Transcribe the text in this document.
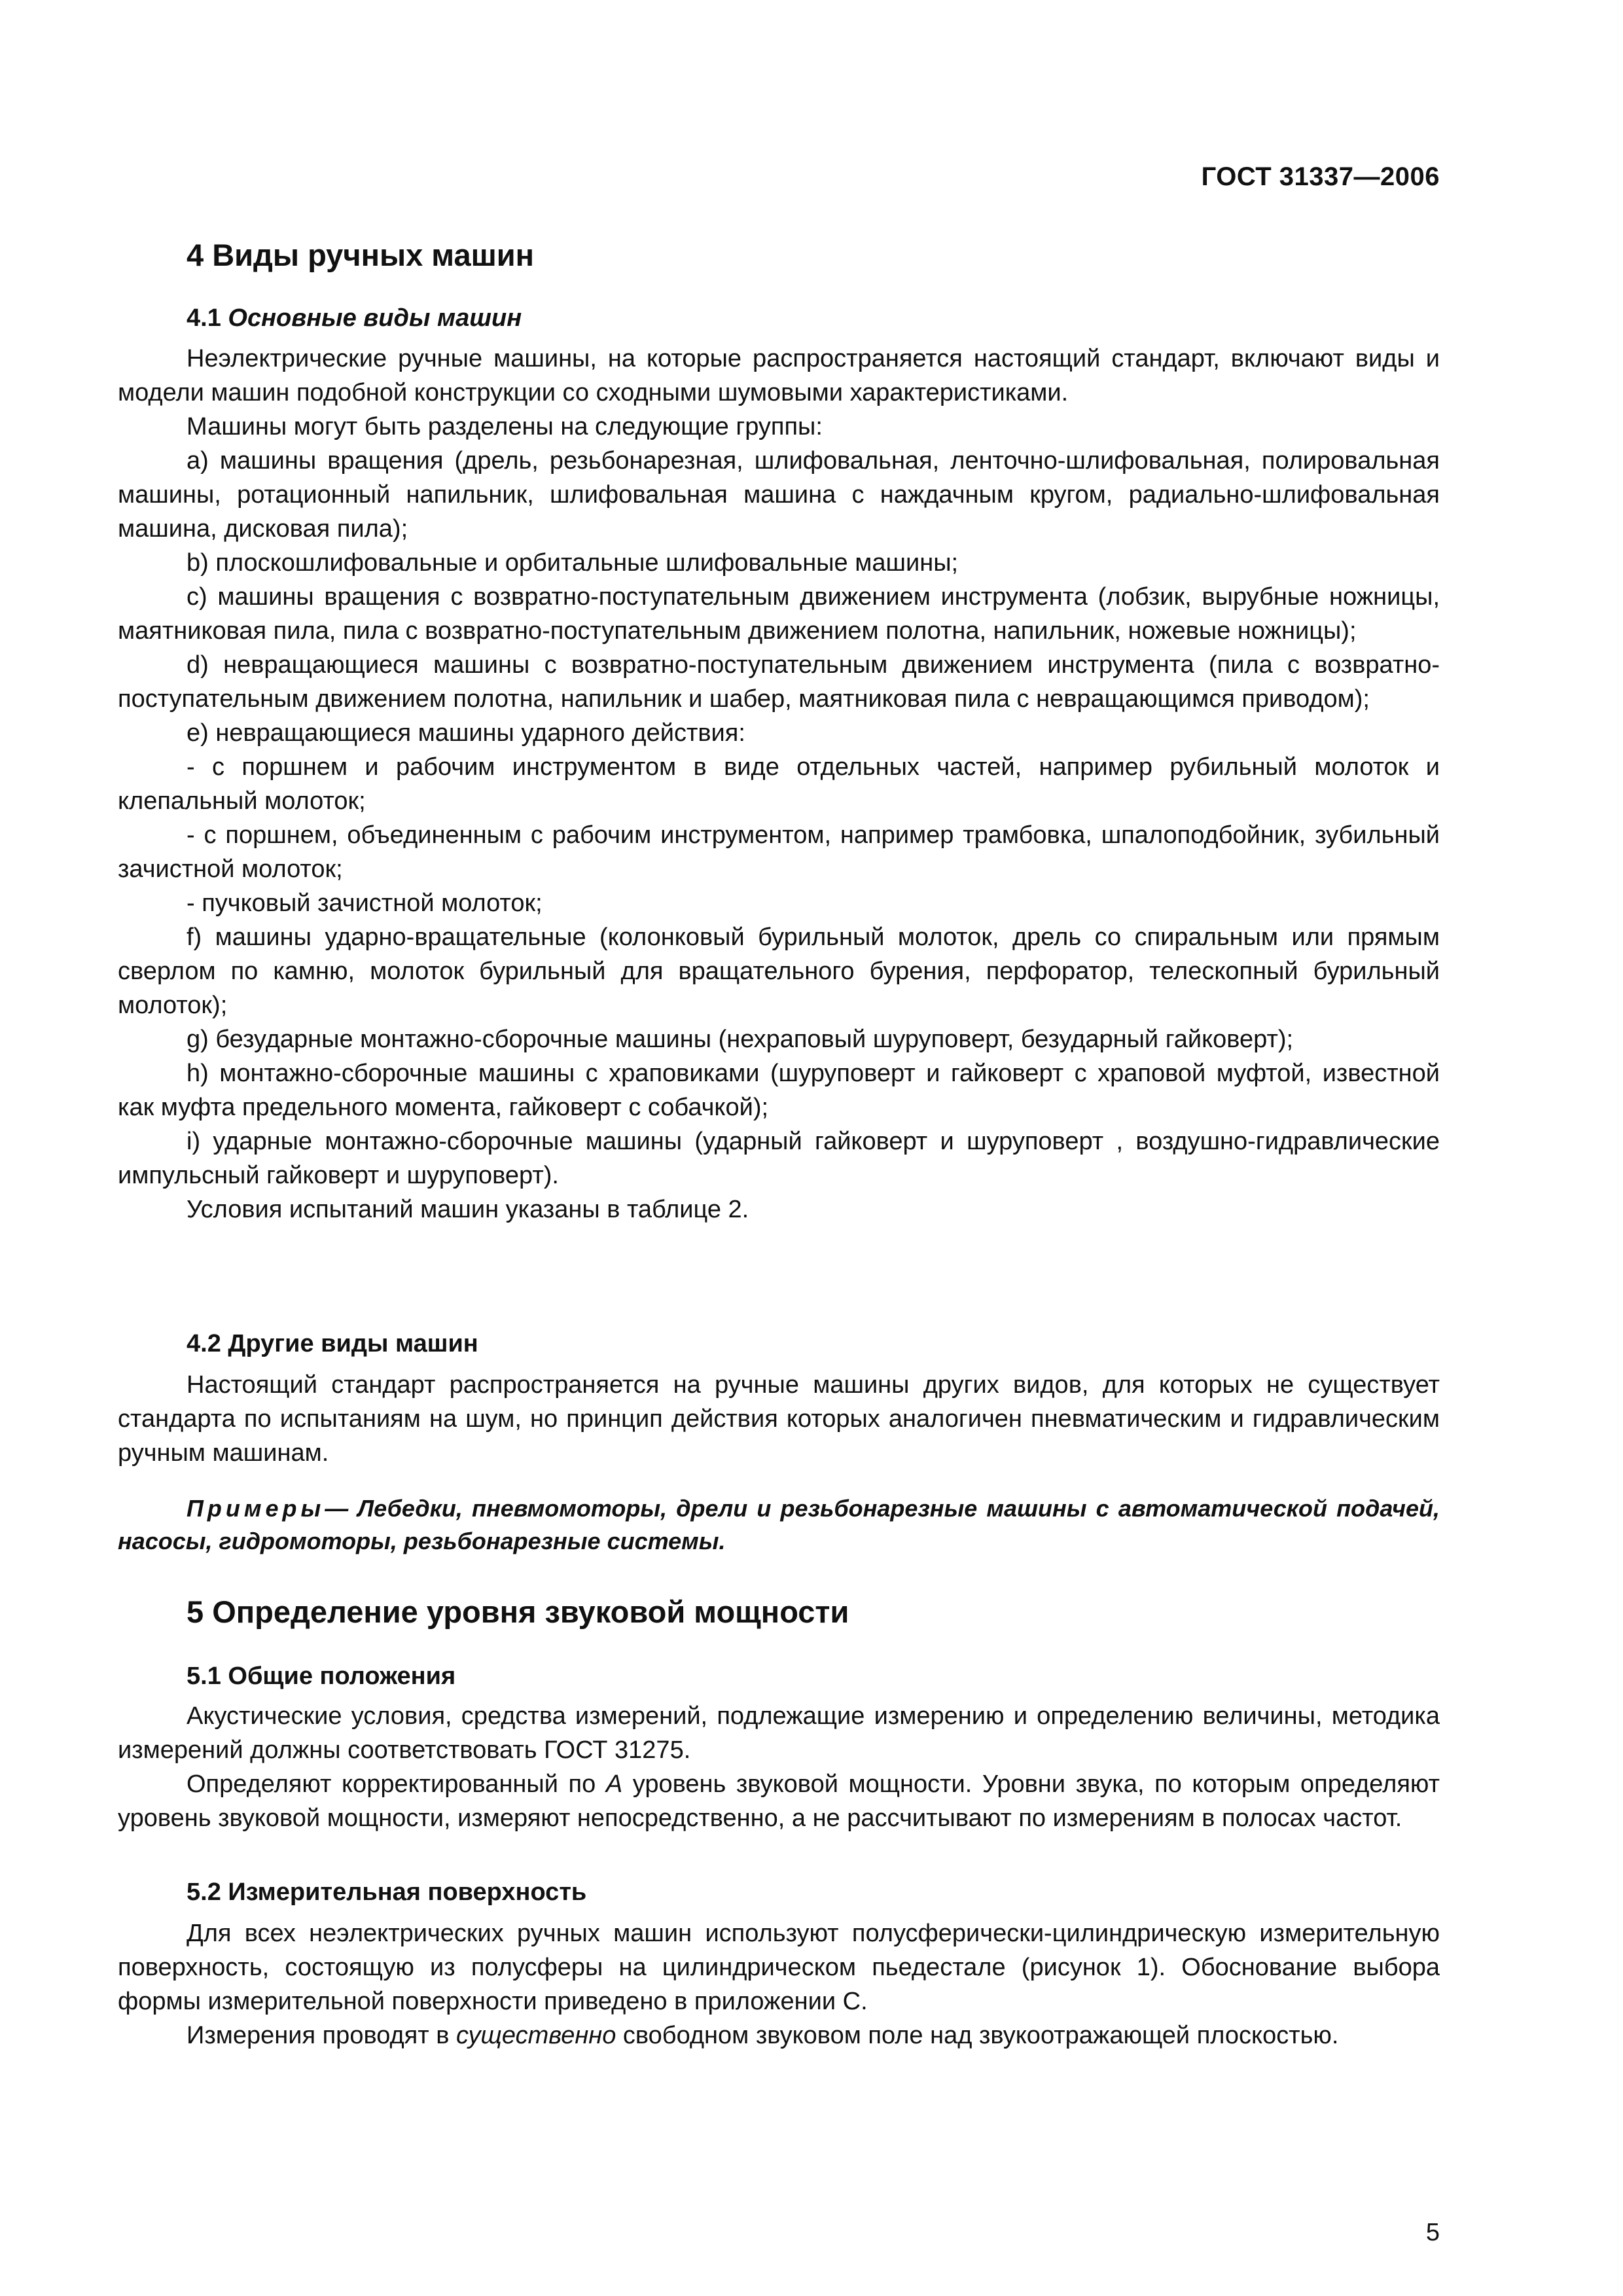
ГОСТ 31337—2006
4 Виды ручных машин
4.1 Основные виды машин

Неэлектрические ручные машины, на которые распространяется настоящий стандарт, включают виды и модели машин подобной конструкции со сходными шумовыми характеристиками.

Машины могут быть разделены на следующие группы:

a) машины вращения (дрель, резьбонарезная, шлифовальная, ленточно-шлифовальная, полировальная машины, ротационный напильник, шлифовальная машина с наждачным кругом, радиально-шлифовальная машина, дисковая пила);

b) плоскошлифовальные и орбитальные шлифовальные машины;

c) машины вращения с возвратно-поступательным движением инструмента (лобзик, вырубные ножницы, маятниковая пила, пила с возвратно-поступательным движением полотна, напильник, ножевые ножницы);

d) невращающиеся машины с возвратно-поступательным движением инструмента (пила с возвратно-поступательным движением полотна, напильник и шабер, маятниковая пила с невращающимся приводом);

e) невращающиеся машины ударного действия:

- с поршнем и рабочим инструментом в виде отдельных частей, например рубильный молоток и клепальный молоток;

- с поршнем, объединенным с рабочим инструментом, например трамбовка, шпалоподбойник, зубильный зачистной молоток;

- пучковый зачистной молоток;

f) машины ударно-вращательные (колонковый бурильный молоток, дрель со спиральным или прямым сверлом по камню, молоток бурильный для вращательного бурения, перфоратор, телескопный бурильный молоток);

g) безударные монтажно-сборочные машины (нехраповый шуруповерт, безударный гайковерт);

h) монтажно-сборочные машины с храповиками (шуруповерт и гайковерт с храповой муфтой, известной как муфта предельного момента, гайковерт с собачкой);

i) ударные монтажно-сборочные машины (ударный гайковерт и шуруповерт , воздушно-гидравлические импульсный гайковерт и шуруповерт).

Условия испытаний машин указаны в таблице 2.

4.2 Другие виды машин

Настоящий стандарт распространяется на ручные машины других видов, для которых не существует стандарта по испытаниям на шум, но принцип действия которых аналогичен пневматическим и гидравлическим ручным машинам.

Примеры— Лебедки, пневмомоторы, дрели и резьбонарезные машины с автоматической подачей, насосы, гидромоторы, резьбонарезные системы.

5 Определение уровня звуковой мощности
5.1 Общие положения

Акустические условия, средства измерений, подлежащие измерению и определению величины, методика измерений должны соответствовать ГОСТ 31275.

Определяют корректированный по А уровень звуковой мощности. Уровни звука, по которым определяют уровень звуковой мощности, измеряют непосредственно, а не рассчитывают по измерениям в полосах частот.

5.2 Измерительная поверхность

Для всех неэлектрических ручных машин используют полусферически-цилиндрическую измерительную поверхность, состоящую из полусферы на цилиндрическом пьедестале (рисунок 1). Обоснование выбора формы измерительной поверхности приведено в приложении С.

Измерения проводят в существенно свободном звуковом поле над звукоотражающей плоскостью.

5
